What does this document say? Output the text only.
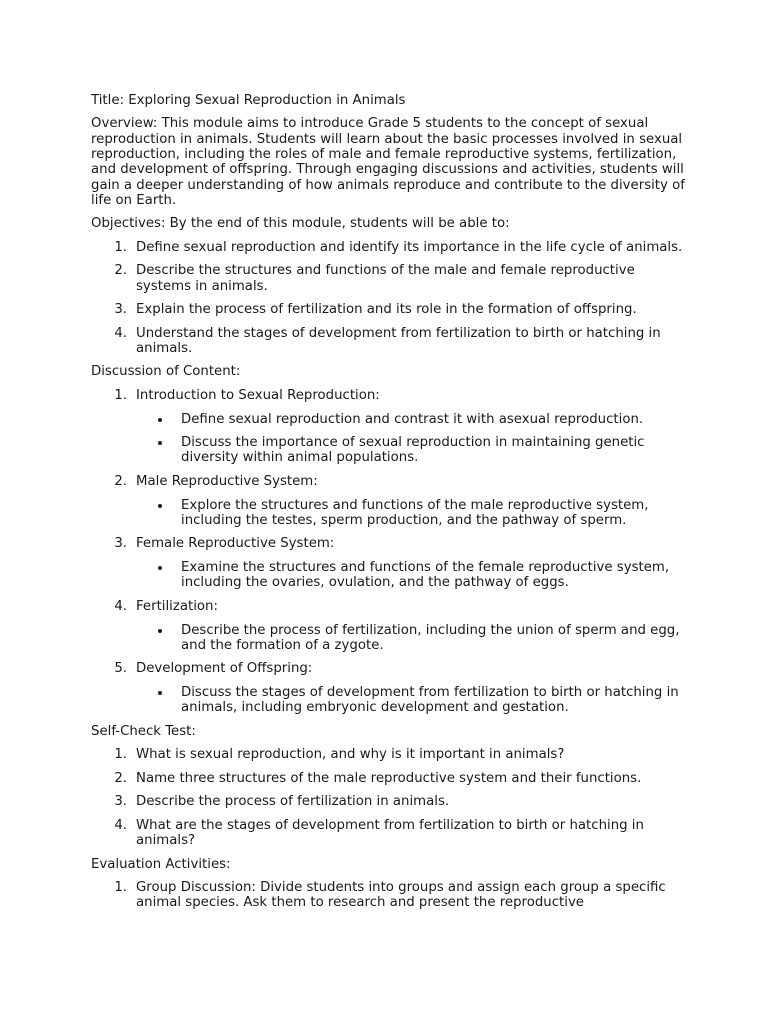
Title: Exploring Sexual Reproduction in Animals

Overview: This module aims to introduce Grade 5 students to the concept of sexual reproduction in animals. Students will learn about the basic processes involved in sexual reproduction, including the roles of male and female reproductive systems, fertilization, and development of offspring. Through engaging discussions and activities, students will gain a deeper understanding of how animals reproduce and contribute to the diversity of life on Earth.

Objectives: By the end of this module, students will be able to:

1. Define sexual reproduction and identify its importance in the life cycle of animals.
2. Describe the structures and functions of the male and female reproductive systems in animals.
3. Explain the process of fertilization and its role in the formation of offspring.
4. Understand the stages of development from fertilization to birth or hatching in animals.

Discussion of Content:

1. Introduction to Sexual Reproduction:
Define sexual reproduction and contrast it with asexual reproduction.
Discuss the importance of sexual reproduction in maintaining genetic diversity within animal populations.
2. Male Reproductive System:
Explore the structures and functions of the male reproductive system, including the testes, sperm production, and the pathway of sperm.
3. Female Reproductive System:
Examine the structures and functions of the female reproductive system, including the ovaries, ovulation, and the pathway of eggs.
4. Fertilization:
Describe the process of fertilization, including the union of sperm and egg, and the formation of a zygote.
5. Development of Offspring:
Discuss the stages of development from fertilization to birth or hatching in animals, including embryonic development and gestation.

Self-Check Test:

1. What is sexual reproduction, and why is it important in animals?
2. Name three structures of the male reproductive system and their functions.
3. Describe the process of fertilization in animals.
4. What are the stages of development from fertilization to birth or hatching in animals?

Evaluation Activities:

1. Group Discussion: Divide students into groups and assign each group a specific animal species. Ask them to research and present the reproductive
